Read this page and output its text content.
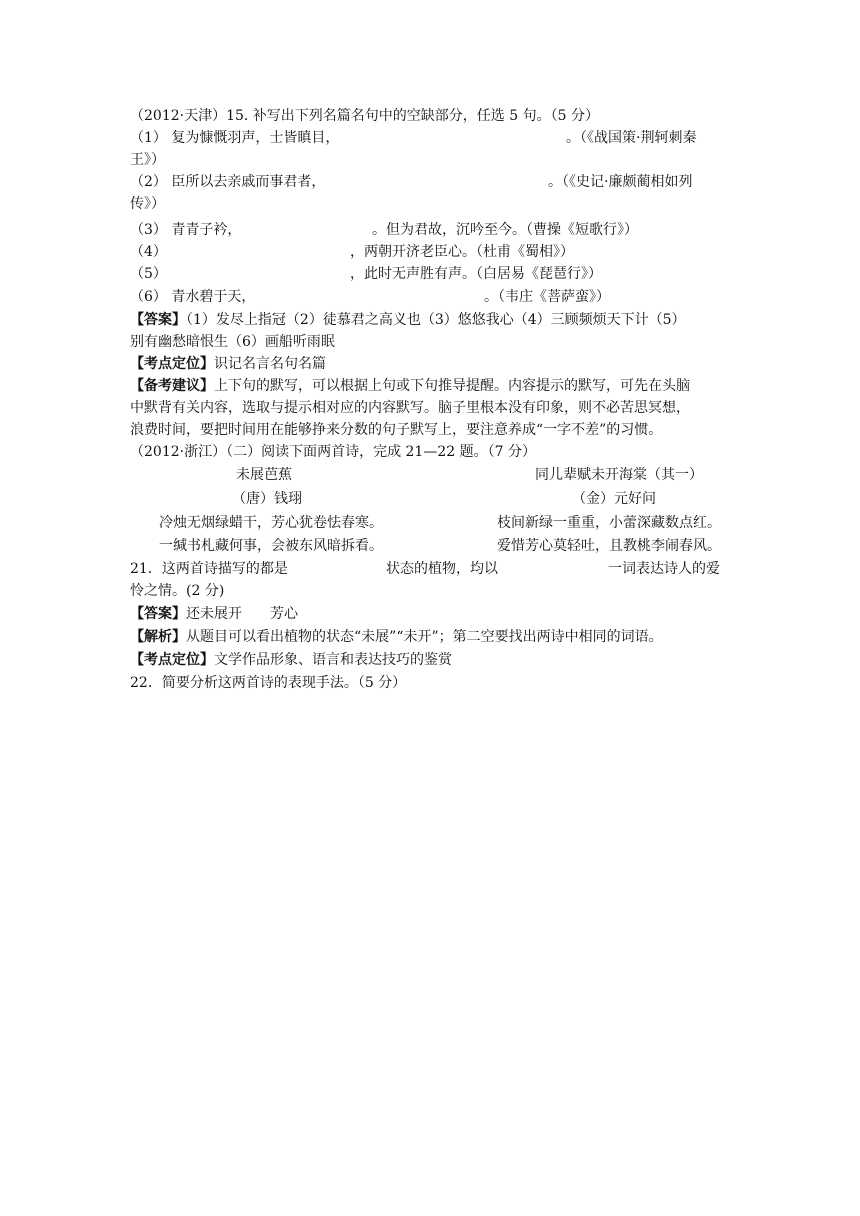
（2012·天津）15. 补写出下列名篇名句中的空缺部分，任选 5 句。（5 分）
（1） 复为慷慨羽声，士皆瞋目，	。（《战国策·荆轲刺秦
王》）
（2） 臣所以去亲戚而事君者，	。（《史记·廉颇蔺相如列
传》）
（3） 青青子衿，	。但为君故，沉吟至今。（曹操《短歌行》）
（4）	，两朝开济老臣心。（杜甫《蜀相》）
（5）	，此时无声胜有声。（白居易《琵琶行》）
（6） 青水碧于天，	。（韦庄《菩萨蛮》）
【答案】（1）发尽上指冠（2）徒慕君之高义也（3）悠悠我心（4）三顾频烦天下计（5）
别有幽愁暗恨生（6）画船听雨眠
【考点定位】识记名言名句名篇
【备考建议】上下句的默写，可以根据上句或下句推导提醒。内容提示的默写，可先在头脑
中默背有关内容，选取与提示相对应的内容默写。脑子里根本没有印象，则不必苦思冥想，
浪费时间，要把时间用在能够挣来分数的句子默写上，要注意养成“一字不差”的习惯。
（2012·浙江）（二）阅读下面两首诗，完成 21—22 题。（7 分）
未展芭蕉	同儿辈赋未开海棠（其一）
（唐）钱珝	（金）元好问
冷烛无烟绿蜡干，芳心犹卷怯春寒。	枝间新绿一重重，小蕾深藏数点红。
一缄书札藏何事，会被东风暗拆看。	爱惜芳心莫轻吐，且教桃李闹春风。
21．这两首诗描写的都是	状态的植物，均以	一词表达诗人的爱
怜之情。(2 分)
【答案】还未展开　　芳心
【解析】从题目可以看出植物的状态“未展”“未开”；第二空要找出两诗中相同的词语。
【考点定位】文学作品形象、语言和表达技巧的鉴赏
22．简要分析这两首诗的表现手法。（5 分）
